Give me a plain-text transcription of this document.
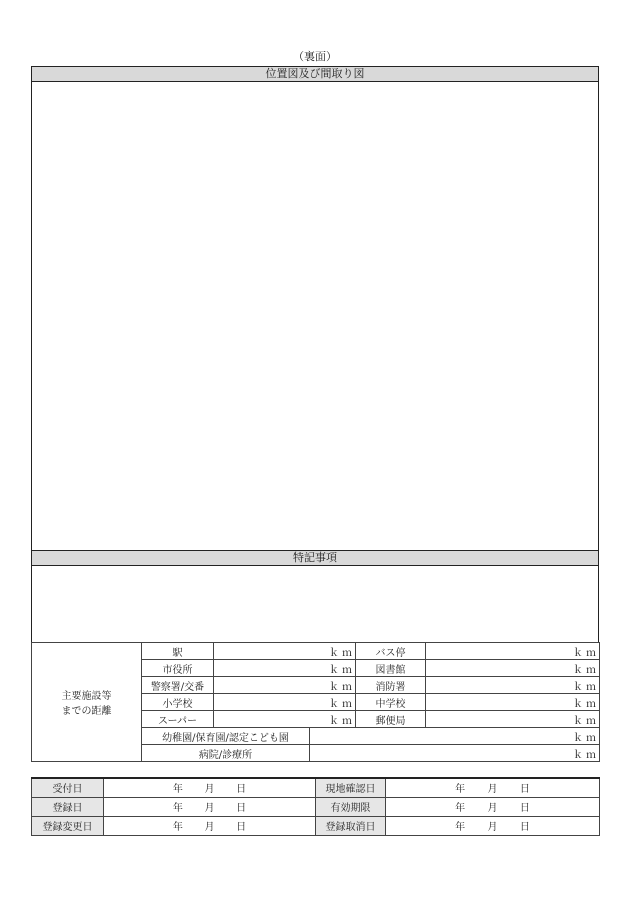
（裏面）
位置図及び間取り図
特記事項
主要施設等
までの距離	駅	ｋｍ		バス停	ｋｍ
	市役所	ｋｍ		図書館	ｋｍ
	警察署/交番	ｋｍ		消防署	ｋｍ
	小学校	ｋｍ		中学校	ｋｍ
	スーパー	ｋｍ		郵便局	ｋｍ
	幼稚園/保育園/認定こども園		ｋｍ		
	病院/診療所		ｋｍ		
受付日	年 月 日	現地確認日	年 月 日

登録日	年 月 日	有効期限	年 月 日

登録変更日	年 月 日	登録取消日	年 月 日
